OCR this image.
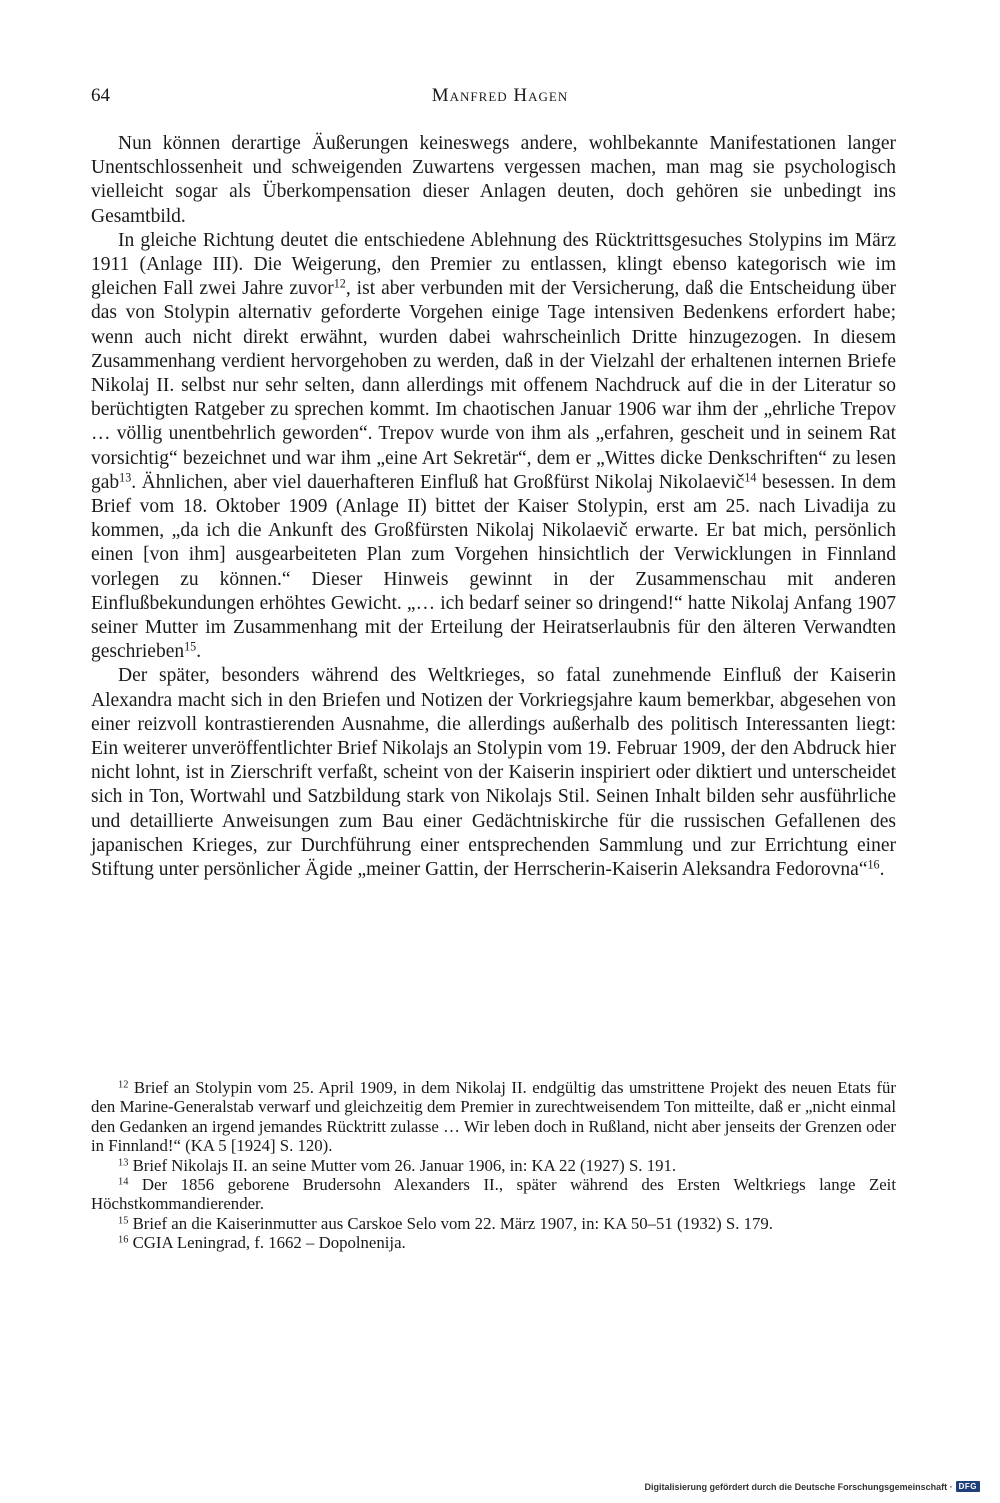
64	Manfred Hagen

Nun können derartige Äußerungen keineswegs andere, wohlbekannte Manifestationen langer Unentschlossenheit und schweigenden Zuwartens vergessen machen, man mag sie psychologisch vielleicht sogar als Überkompensation dieser Anlagen deuten, doch gehören sie unbedingt ins Gesamtbild.

In gleiche Richtung deutet die entschiedene Ablehnung des Rücktrittsgesuches Stolypins im März 1911 (Anlage III). Die Weigerung, den Premier zu entlassen, klingt ebenso kategorisch wie im gleichen Fall zwei Jahre zuvor$^{12}$, ist aber verbunden mit der Versicherung, daß die Entscheidung über das von Stolypin alternativ geforderte Vorgehen einige Tage intensiven Bedenkens erfordert habe; wenn auch nicht direkt erwähnt, wurden dabei wahrscheinlich Dritte hinzugezogen. In diesem Zusammenhang verdient hervorgehoben zu werden, daß in der Vielzahl der erhaltenen internen Briefe Nikolaj II. selbst nur sehr selten, dann allerdings mit offenem Nachdruck auf die in der Literatur so berüchtigten Ratgeber zu sprechen kommt. Im chaotischen Januar 1906 war ihm der „ehrliche Trepov … völlig unentbehrlich geworden“. Trepov wurde von ihm als „erfahren, gescheit und in seinem Rat vorsichtig“ bezeichnet und war ihm „eine Art Sekretär“, dem er „Wittes dicke Denkschriften“ zu lesen gab$^{13}$. Ähnlichen, aber viel dauerhafteren Einfluß hat Großfürst Nikolaj Nikolaevič$^{14}$ besessen. In dem Brief vom 18. Oktober 1909 (Anlage II) bittet der Kaiser Stolypin, erst am 25. nach Livadija zu kommen, „da ich die Ankunft des Großfürsten Nikolaj Nikolaevič erwarte. Er bat mich, persönlich einen [von ihm] ausgearbeiteten Plan zum Vorgehen hinsichtlich der Verwicklungen in Finnland vorlegen zu können.“ Dieser Hinweis gewinnt in der Zusammenschau mit anderen Einflußbekundungen erhöhtes Gewicht. „… ich bedarf seiner so dringend!“ hatte Nikolaj Anfang 1907 seiner Mutter im Zusammenhang mit der Erteilung der Heiratserlaubnis für den älteren Verwandten geschrieben$^{15}$.

Der später, besonders während des Weltkrieges, so fatal zunehmende Einfluß der Kaiserin Alexandra macht sich in den Briefen und Notizen der Vorkriegsjahre kaum bemerkbar, abgesehen von einer reizvoll kontrastierenden Ausnahme, die allerdings außerhalb des politisch Interessanten liegt: Ein weiterer unveröffentlichter Brief Nikolajs an Stolypin vom 19. Februar 1909, der den Abdruck hier nicht lohnt, ist in Zierschrift verfaßt, scheint von der Kaiserin inspiriert oder diktiert und unterscheidet sich in Ton, Wortwahl und Satzbildung stark von Nikolajs Stil. Seinen Inhalt bilden sehr ausführliche und detaillierte Anweisungen zum Bau einer Gedächtniskirche für die russischen Gefallenen des japanischen Krieges, zur Durchführung einer entsprechenden Sammlung und zur Errichtung einer Stiftung unter persönlicher Ägide „meiner Gattin, der Herrscherin-Kaiserin Aleksandra Fedorovna“$^{16}$.

$^{12}$ Brief an Stolypin vom 25. April 1909, in dem Nikolaj II. endgültig das umstrittene Projekt des neuen Etats für den Marine-Generalstab verwarf und gleichzeitig dem Premier in zurechtweisendem Ton mitteilte, daß er „nicht einmal den Gedanken an irgend jemandes Rücktritt zulasse … Wir leben doch in Rußland, nicht aber jenseits der Grenzen oder in Finnland!“ (KA 5 [1924] S. 120).

$^{13}$ Brief Nikolajs II. an seine Mutter vom 26. Januar 1906, in: KA 22 (1927) S. 191.

$^{14}$ Der 1856 geborene Brudersohn Alexanders II., später während des Ersten Weltkriegs lange Zeit Höchstkommandierender.

$^{15}$ Brief an die Kaiserinmutter aus Carskoe Selo vom 22. März 1907, in: KA 50–51 (1932) S. 179.

$^{16}$ CGIA Leningrad, f. 1662 – Dopolnenija.

Digitalisierung gefördert durch die Deutsche Forschungsgemeinschaft · DFG
